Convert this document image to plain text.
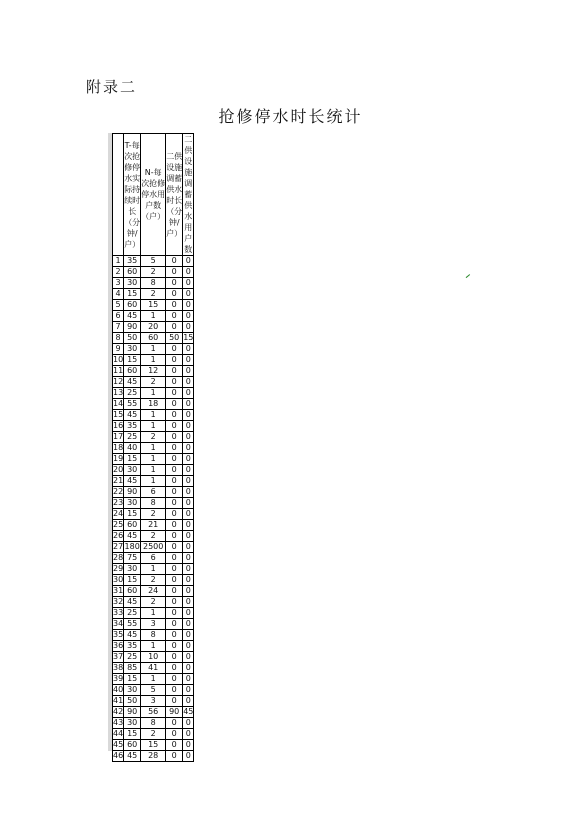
附录二
抢修停水时长统计
	T-每次抢修停水实际持续时长（分钟/户）	N-每次抢修停水用户数（户）	二供设施调蓄供水时长（分钟/户）	二供设施调蓄供水用户数
1	35	5	0	0
2	60	2	0	0
3	30	8	0	0
4	15	2	0	0
5	60	15	0	0
6	45	1	0	0
7	90	20	0	0
8	50	60	50	15
9	30	1	0	0
10	15	1	0	0
11	60	12	0	0
12	45	2	0	0
13	25	1	0	0
14	55	18	0	0
15	45	1	0	0
16	35	1	0	0
17	25	2	0	0
18	40	1	0	0
19	15	1	0	0
20	30	1	0	0
21	45	1	0	0
22	90	6	0	0
23	30	8	0	0
24	15	2	0	0
25	60	21	0	0
26	45	2	0	0
27	180	2500	0	0
28	75	6	0	0
29	30	1	0	0
30	15	2	0	0
31	60	24	0	0
32	45	2	0	0
33	25	1	0	0
34	55	3	0	0
35	45	8	0	0
36	35	1	0	0
37	25	10	0	0
38	85	41	0	0
39	15	1	0	0
40	30	5	0	0
41	50	3	0	0
42	90	56	90	45
43	30	8	0	0
44	15	2	0	0
45	60	15	0	0
46	45	28	0	0
